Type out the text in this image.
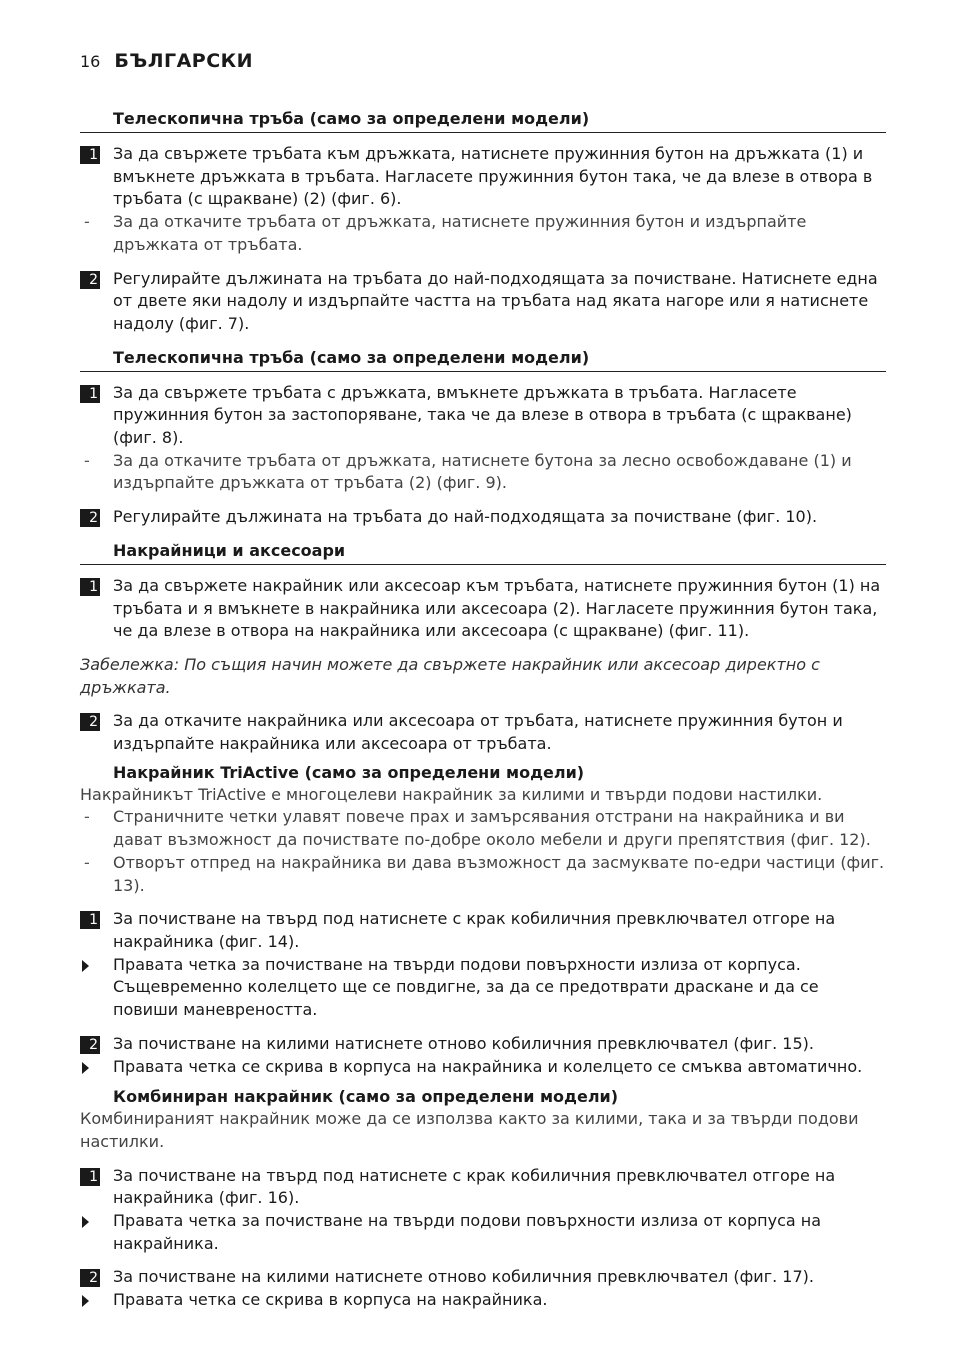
16 БЪЛГАРСКИ
Телескопична тръба (само за определени модели)
1 За да свържете тръбата към дръжката, натиснете пружинния бутон на дръжката (1) и вмъкнете дръжката в тръбата. Нагласете пружинния бутон така, че да влезе в отвора в тръбата (с щракване) (2) (фиг. 6).
-	За да откачите тръбата от дръжката, натиснете пружинния бутон и издърпайте дръжката от тръбата.
2 Регулирайте дължината на тръбата до най-подходящата за почистване. Натиснете една от двете яки надолу и издърпайте частта на тръбата над яката нагоре или я натиснете надолу (фиг. 7).
Телескопична тръба (само за определени модели)
1 За да свържете тръбата с дръжката, вмъкнете дръжката в тръбата. Нагласете пружинния бутон за застопоряване, така че да влезе в отвора в тръбата (с щракване) (фиг. 8).
-	За да откачите тръбата от дръжката, натиснете бутона за лесно освобождаване (1) и издърпайте дръжката от тръбата (2) (фиг. 9).
2 Регулирайте дължината на тръбата до най-подходящата за почистване (фиг. 10).
Накрайници и аксесоари
1 За да свържете накрайник или аксесоар към тръбата, натиснете пружинния бутон (1) на тръбата и я вмъкнете в накрайника или аксесоара (2). Нагласете пружинния бутон така, че да влезе в отвора на накрайника или аксесоара (с щракване) (фиг. 11).
Забележка: По същия начин можете да свържете накрайник или аксесоар директно с дръжката.
2 За да откачите накрайника или аксесоара от тръбата, натиснете пружинния бутон и издърпайте накрайника или аксесоара от тръбата.
Накрайник TriActive (само за определени модели)
Накрайникът TriActive е многоцелеви накрайник за килими и твърди подови настилки.
-	Страничните четки улавят повече прах и замърсявания отстрани на накрайника и ви дават възможност да почиствате по-добре около мебели и други препятствия (фиг. 12).
-	Отворът отпред на накрайника ви дава възможност да засмуквате по-едри частици (фиг. 13).
1 За почистване на твърд под натиснете с крак кобиличния превключвател отгоре на накрайника (фиг. 14).
Правата четка за почистване на твърди подови повърхности излиза от корпуса. Същевременно колелцето ще се повдигне, за да се предотврати драскане и да се повиши маневреността.
2 За почистване на килими натиснете отново кобиличния превключвател (фиг. 15).
Правата четка се скрива в корпуса на накрайника и колелцето се смъква автоматично.
Комбиниран накрайник (само за определени модели)
Комбинираният накрайник може да се използва както за килими, така и за твърди подови настилки.
1 За почистване на твърд под натиснете с крак кобиличния превключвател отгоре на накрайника (фиг. 16).
Правата четка за почистване на твърди подови повърхности излиза от корпуса на накрайника.
2 За почистване на килими натиснете отново кобиличния превключвател (фиг. 17).
Правата четка се скрива в корпуса на накрайника.
